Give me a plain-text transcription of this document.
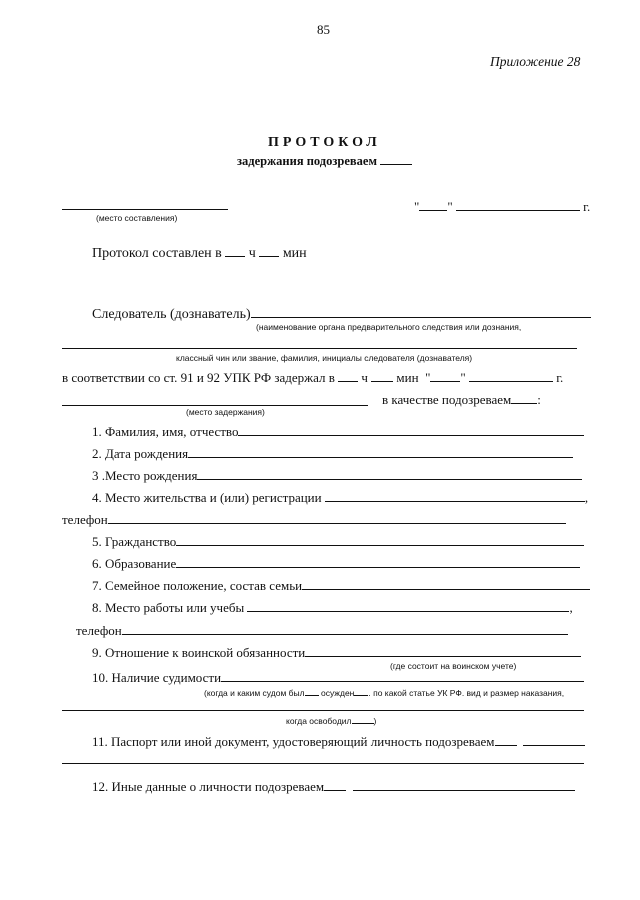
85
Приложение 28
ПРОТОКОЛ
задержания подозреваем
(место составления)
" "	г.
Протокол составлен в ч мин
Следователь (дознаватель)
(наименование органа предварительного следствия или дознания,
классный чин или звание, фамилия, инициалы следователя (дознавателя)
в соответствии со ст. 91 и 92 УПК РФ задержал в ч мин " "	г.
в качестве подозреваем :
(место задержания)
1. Фамилия, имя, отчество
2. Дата рождения
3 .Место рождения
4. Место жительства и (или) регистрации	,
телефон
5. Гражданство
6. Образование
7. Семейное положение, состав семьи
8. Место работы или учебы	,
телефон
9. Отношение к воинской обязанности
(где состоит на воинском учете)
10. Наличие судимости
(когда и каким судом был осужден . по какой статье УК РФ. вид и размер наказания,
когда освободил	)
11. Паспорт или иной документ, удостоверяющий личность подозреваем
12. Иные данные о личности подозреваем
